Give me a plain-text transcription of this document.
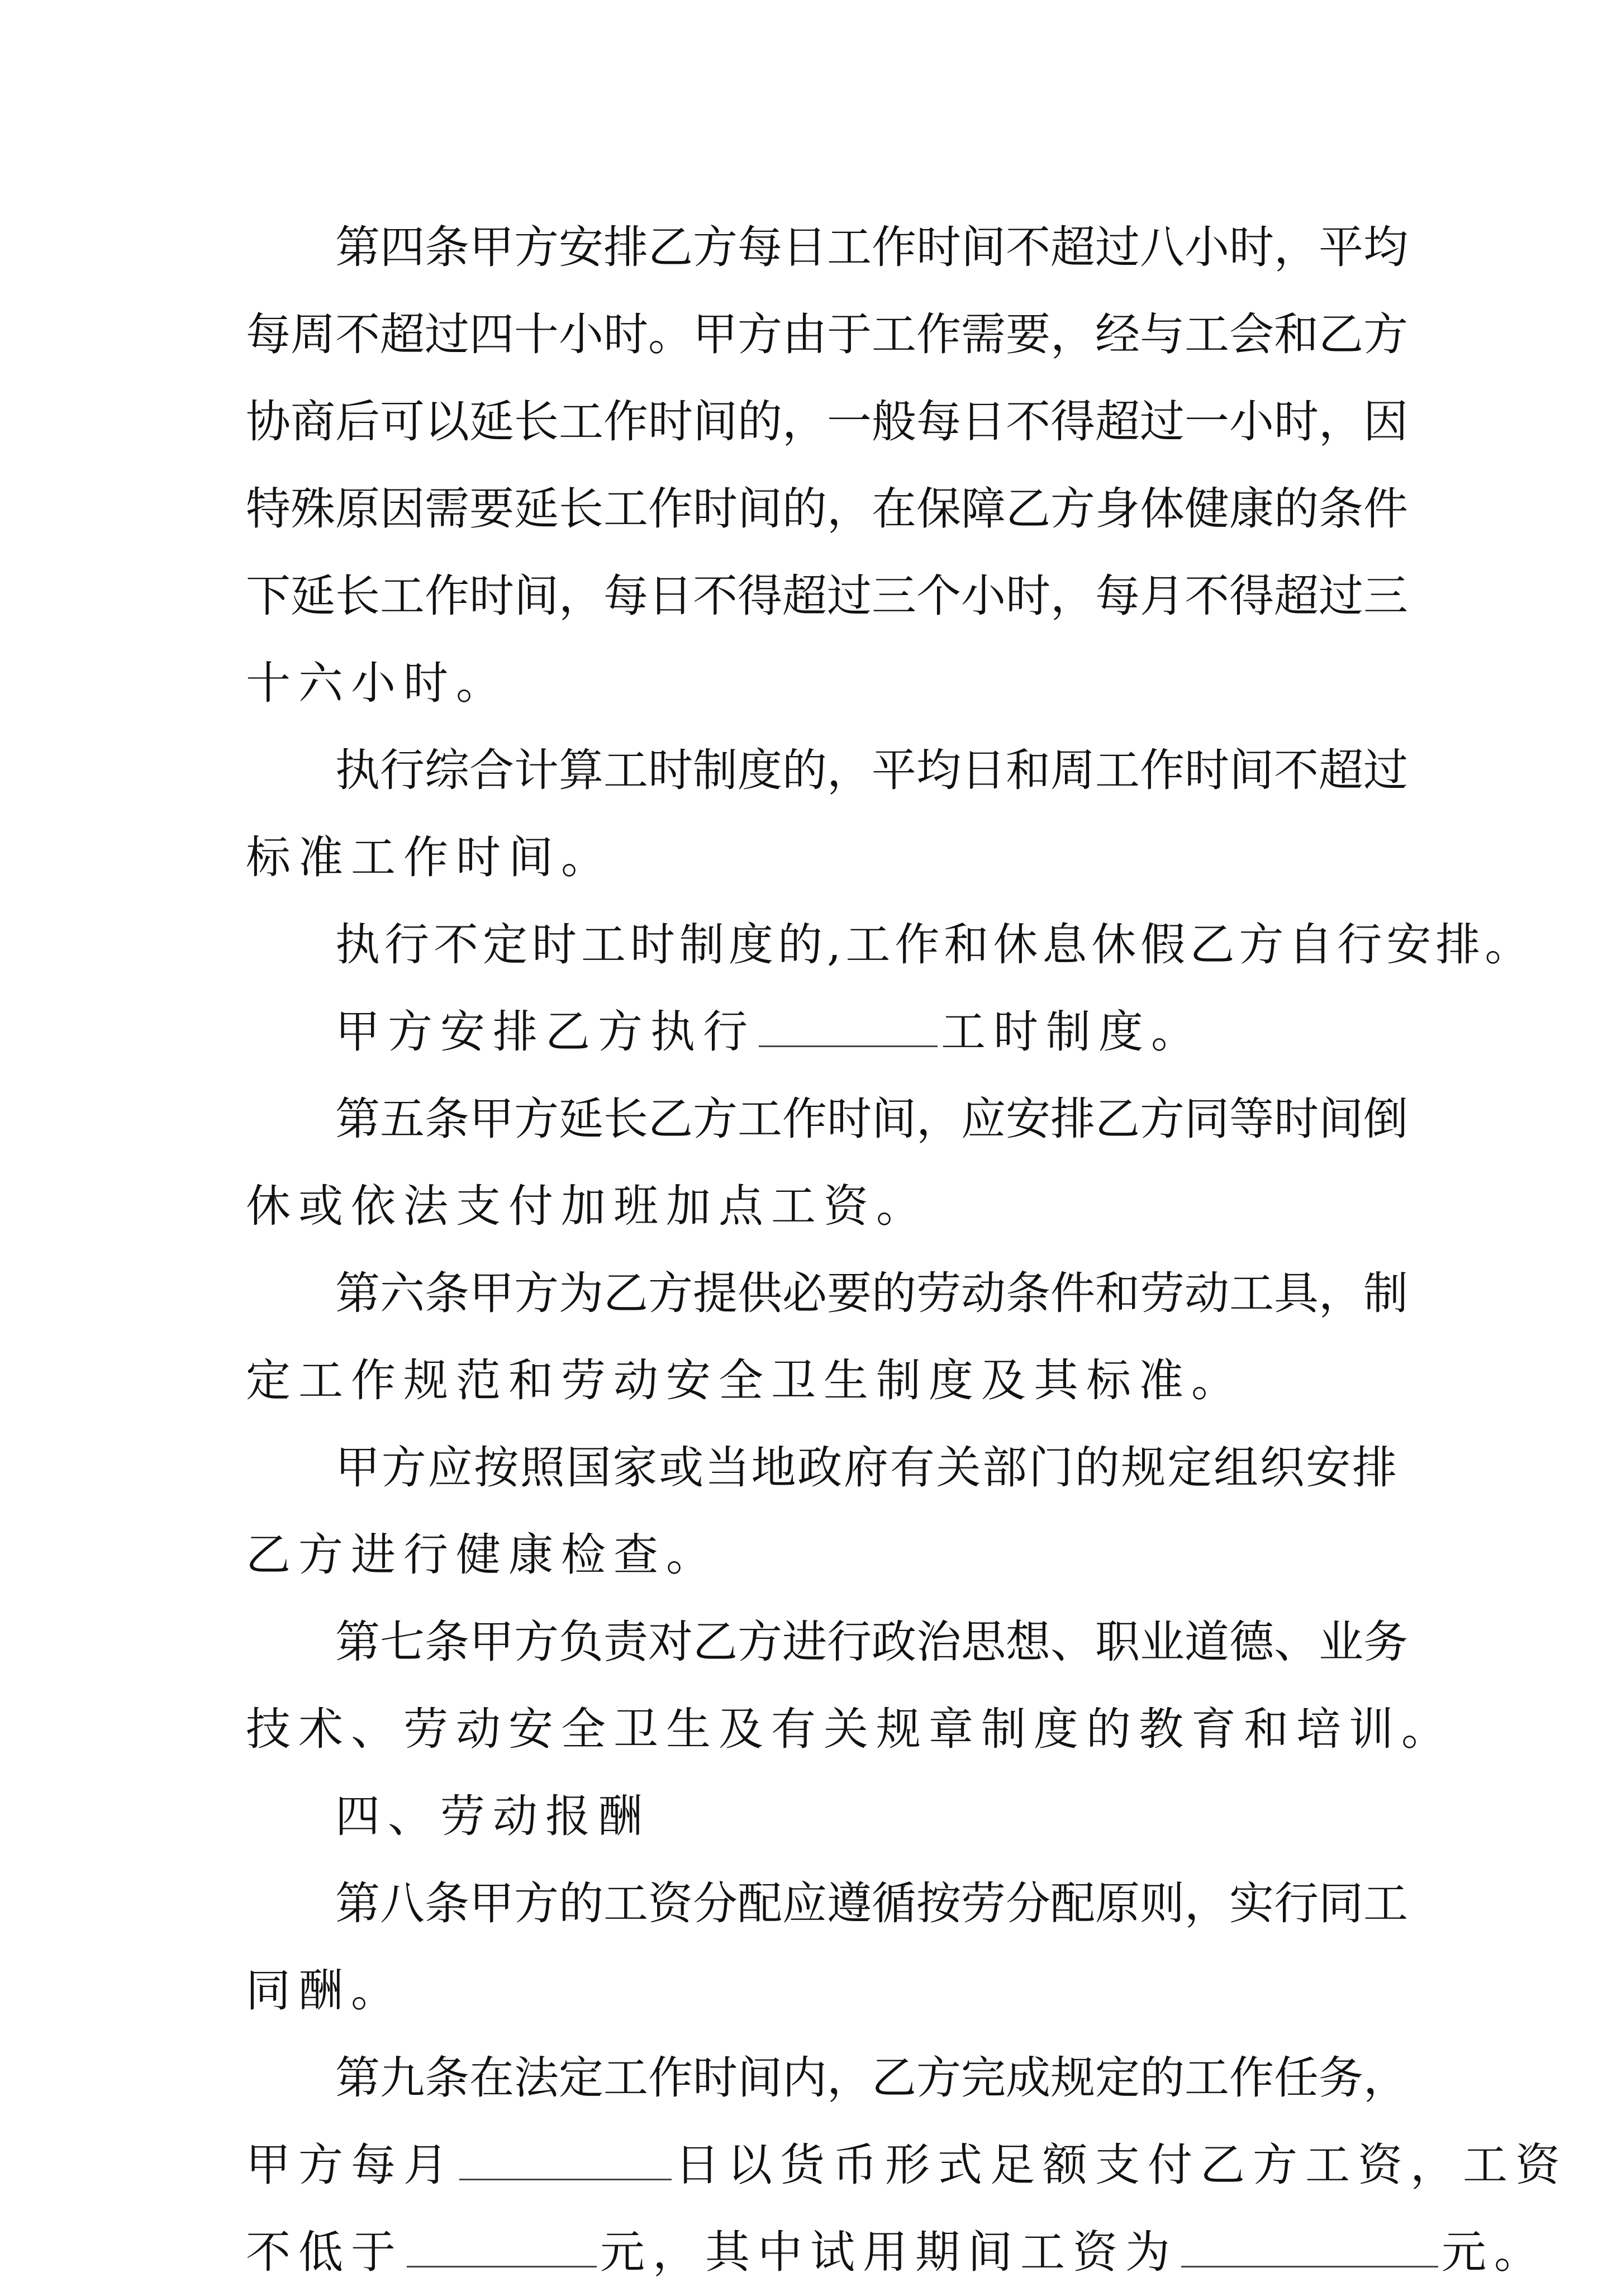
第四条甲方安排乙方每日工作时间不超过八小时，平均
每周不超过四十小时。甲方由于工作需要，经与工会和乙方
协商后可以延长工作时间的，一般每日不得超过一小时，因
特殊原因需要延长工作时间的，在保障乙方身体健康的条件
下延长工作时间，每日不得超过三个小时，每月不得超过三
十六小时。
执行综合计算工时制度的，平均日和周工作时间不超过
标准工作时间。
执行不定时工时制度的,工作和休息休假乙方自行安排。
甲方安排乙方执行	工时制度。
第五条甲方延长乙方工作时间，应安排乙方同等时间倒
休或依法支付加班加点工资。
第六条甲方为乙方提供必要的劳动条件和劳动工具，制
定工作规范和劳动安全卫生制度及其标准。
甲方应按照国家或当地政府有关部门的规定组织安排
乙方进行健康检查。
第七条甲方负责对乙方进行政治思想、职业道德、业务
技术、劳动安全卫生及有关规章制度的教育和培训。
四、劳动报酬
第八条甲方的工资分配应遵循按劳分配原则，实行同工
同酬。
第九条在法定工作时间内，乙方完成规定的工作任务，
甲方每月	日以货币形式足额支付乙方工资，工资
不低于	元，其中试用期间工资为	元。
